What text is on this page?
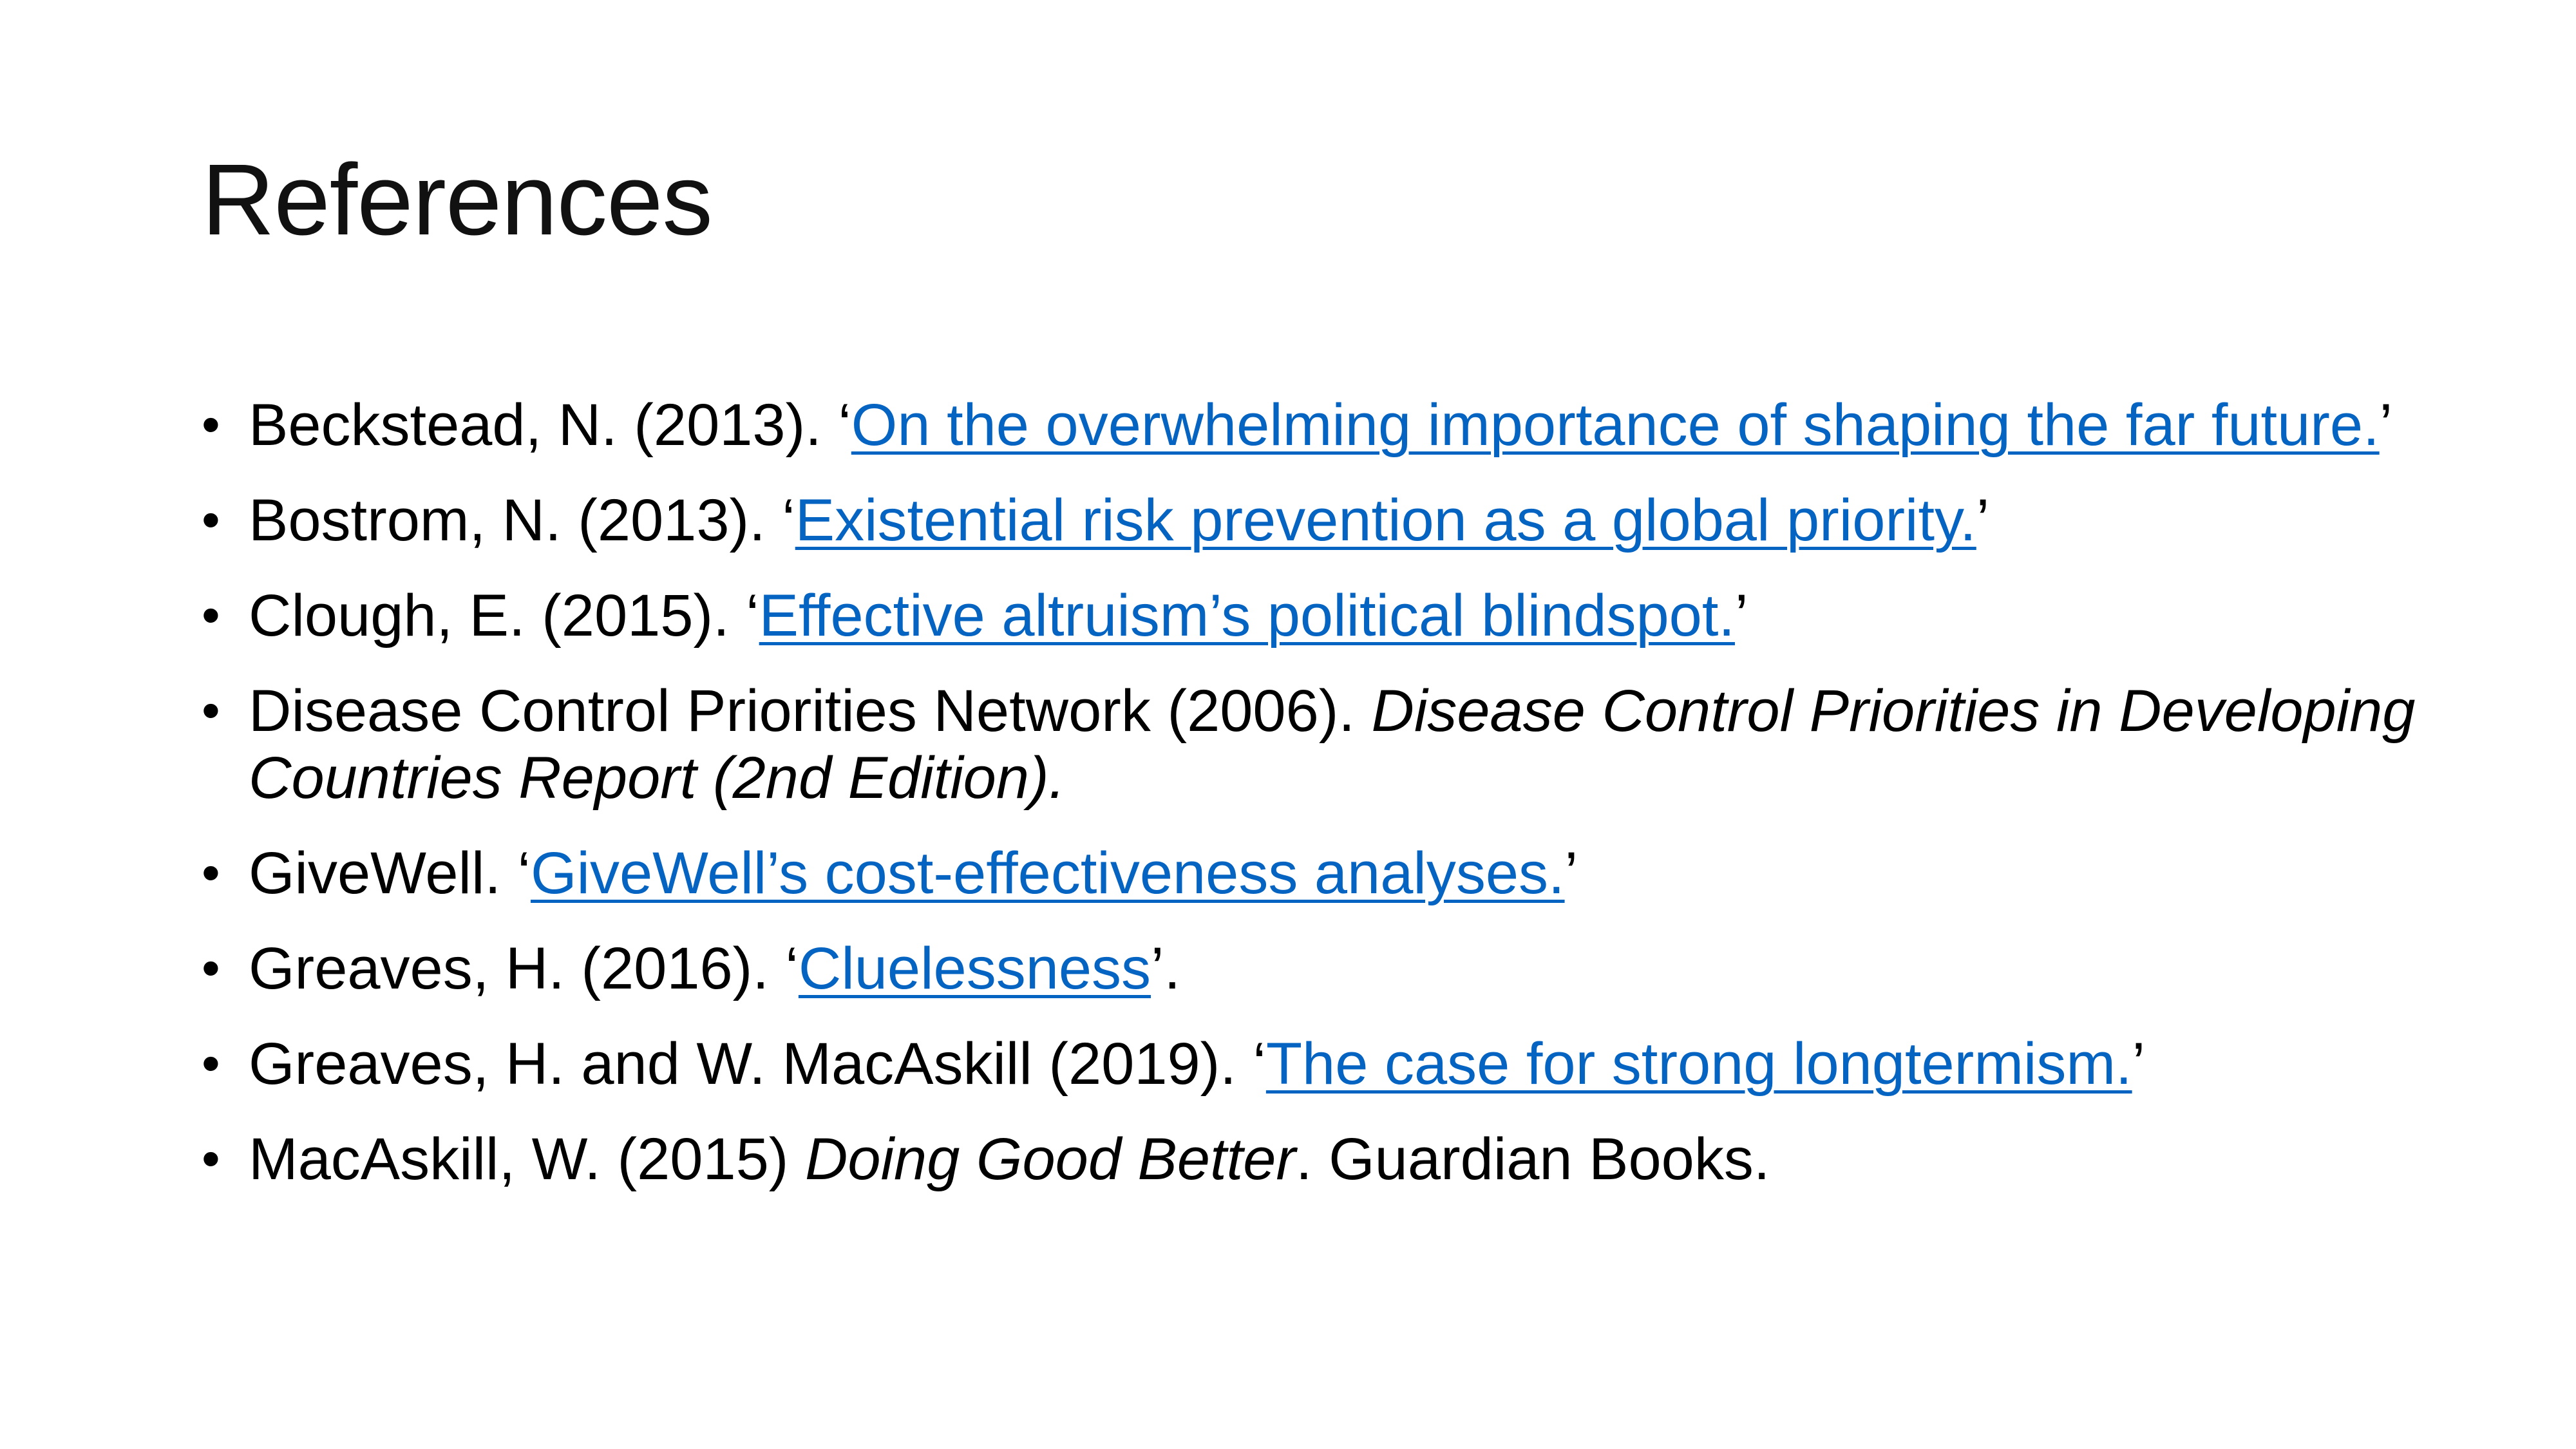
References
• Beckstead, N. (2013). ‘On the overwhelming importance of shaping the far future.’
• Bostrom, N. (2013). ‘Existential risk prevention as a global priority.’
• Clough, E. (2015). ‘Effective altruism’s political blindspot.’
• Disease Control Priorities Network (2006). Disease Control Priorities in Developing Countries Report (2nd Edition).
• GiveWell. ‘GiveWell’s cost-effectiveness analyses.’
• Greaves, H. (2016). ‘Cluelessness’.
• Greaves, H. and W. MacAskill (2019). ‘The case for strong longtermism.’
• MacAskill, W. (2015) Doing Good Better. Guardian Books.
